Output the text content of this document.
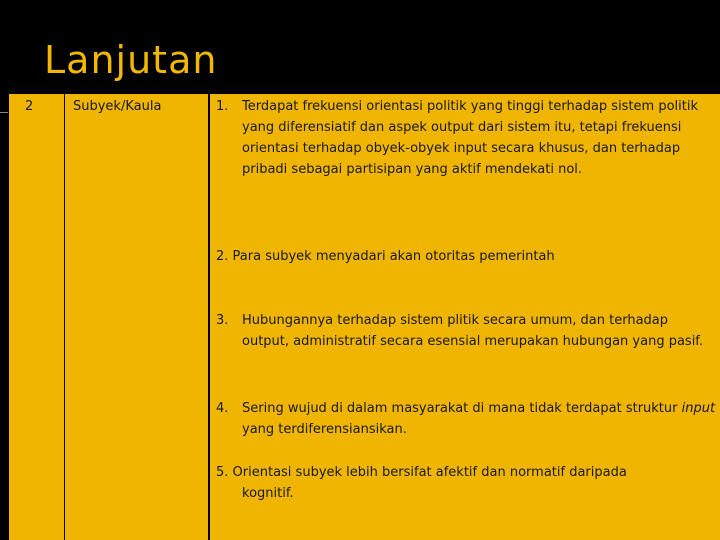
Lanjutan
2	Subyek/Kaula	1.	Terdapat frekuensi orientasi politik yang tinggi terhadap sistem politik yang diferensiatif dan aspek output dari sistem itu, tetapi frekuensi orientasi terhadap obyek-obyek input secara khusus, dan terhadap pribadi sebagai partisipan yang aktif mendekati nol.
2. Para subyek menyadari akan otoritas pemerintah
3.	Hubungannya terhadap sistem plitik secara umum, dan terhadap output, administratif secara esensial merupakan hubungan yang pasif.
4.	Sering wujud di dalam masyarakat di mana tidak terdapat struktur input yang terdiferensiansikan.
5. Orientasi subyek lebih bersifat afektif dan normatif daripada
kognitif.
